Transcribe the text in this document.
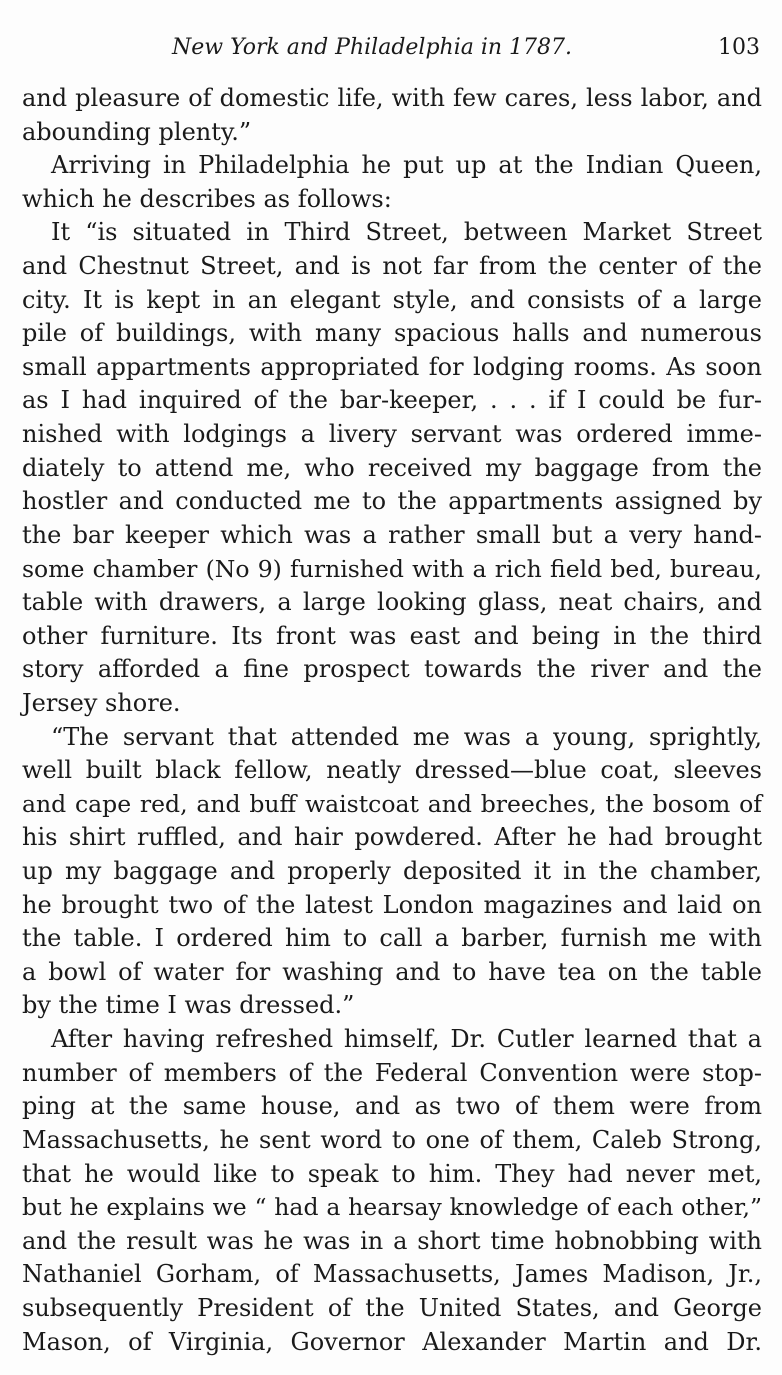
New York and Philadelphia in 1787.	103
and pleasure of domestic life, with few cares, less labor, and
abounding plenty.”
Arriving in Philadelphia he put up at the Indian Queen,
which he describes as follows:
It “is situated in Third Street, between Market Street
and Chestnut Street, and is not far from the center of the
city. It is kept in an elegant style, and consists of a large
pile of buildings, with many spacious halls and numerous
small appartments appropriated for lodging rooms. As soon
as I had inquired of the bar-keeper, . . . if I could be fur-
nished with lodgings a livery servant was ordered imme-
diately to attend me, who received my baggage from the
hostler and conducted me to the appartments assigned by
the bar keeper which was a rather small but a very hand-
some chamber (No 9) furnished with a rich field bed, bureau,
table with drawers, a large looking glass, neat chairs, and
other furniture. Its front was east and being in the third
story afforded a fine prospect towards the river and the
Jersey shore.
“The servant that attended me was a young, sprightly,
well built black fellow, neatly dressed—blue coat, sleeves
and cape red, and buff waistcoat and breeches, the bosom of
his shirt ruffled, and hair powdered. After he had brought
up my baggage and properly deposited it in the chamber,
he brought two of the latest London magazines and laid on
the table. I ordered him to call a barber, furnish me with
a bowl of water for washing and to have tea on the table
by the time I was dressed.”
After having refreshed himself, Dr. Cutler learned that a
number of members of the Federal Convention were stop-
ping at the same house, and as two of them were from
Massachusetts, he sent word to one of them, Caleb Strong,
that he would like to speak to him. They had never met,
but he explains we “ had a hearsay knowledge of each other,”
and the result was he was in a short time hobnobbing with
Nathaniel Gorham, of Massachusetts, James Madison, Jr.,
subsequently President of the United States, and George
Mason, of Virginia, Governor Alexander Martin and Dr.
